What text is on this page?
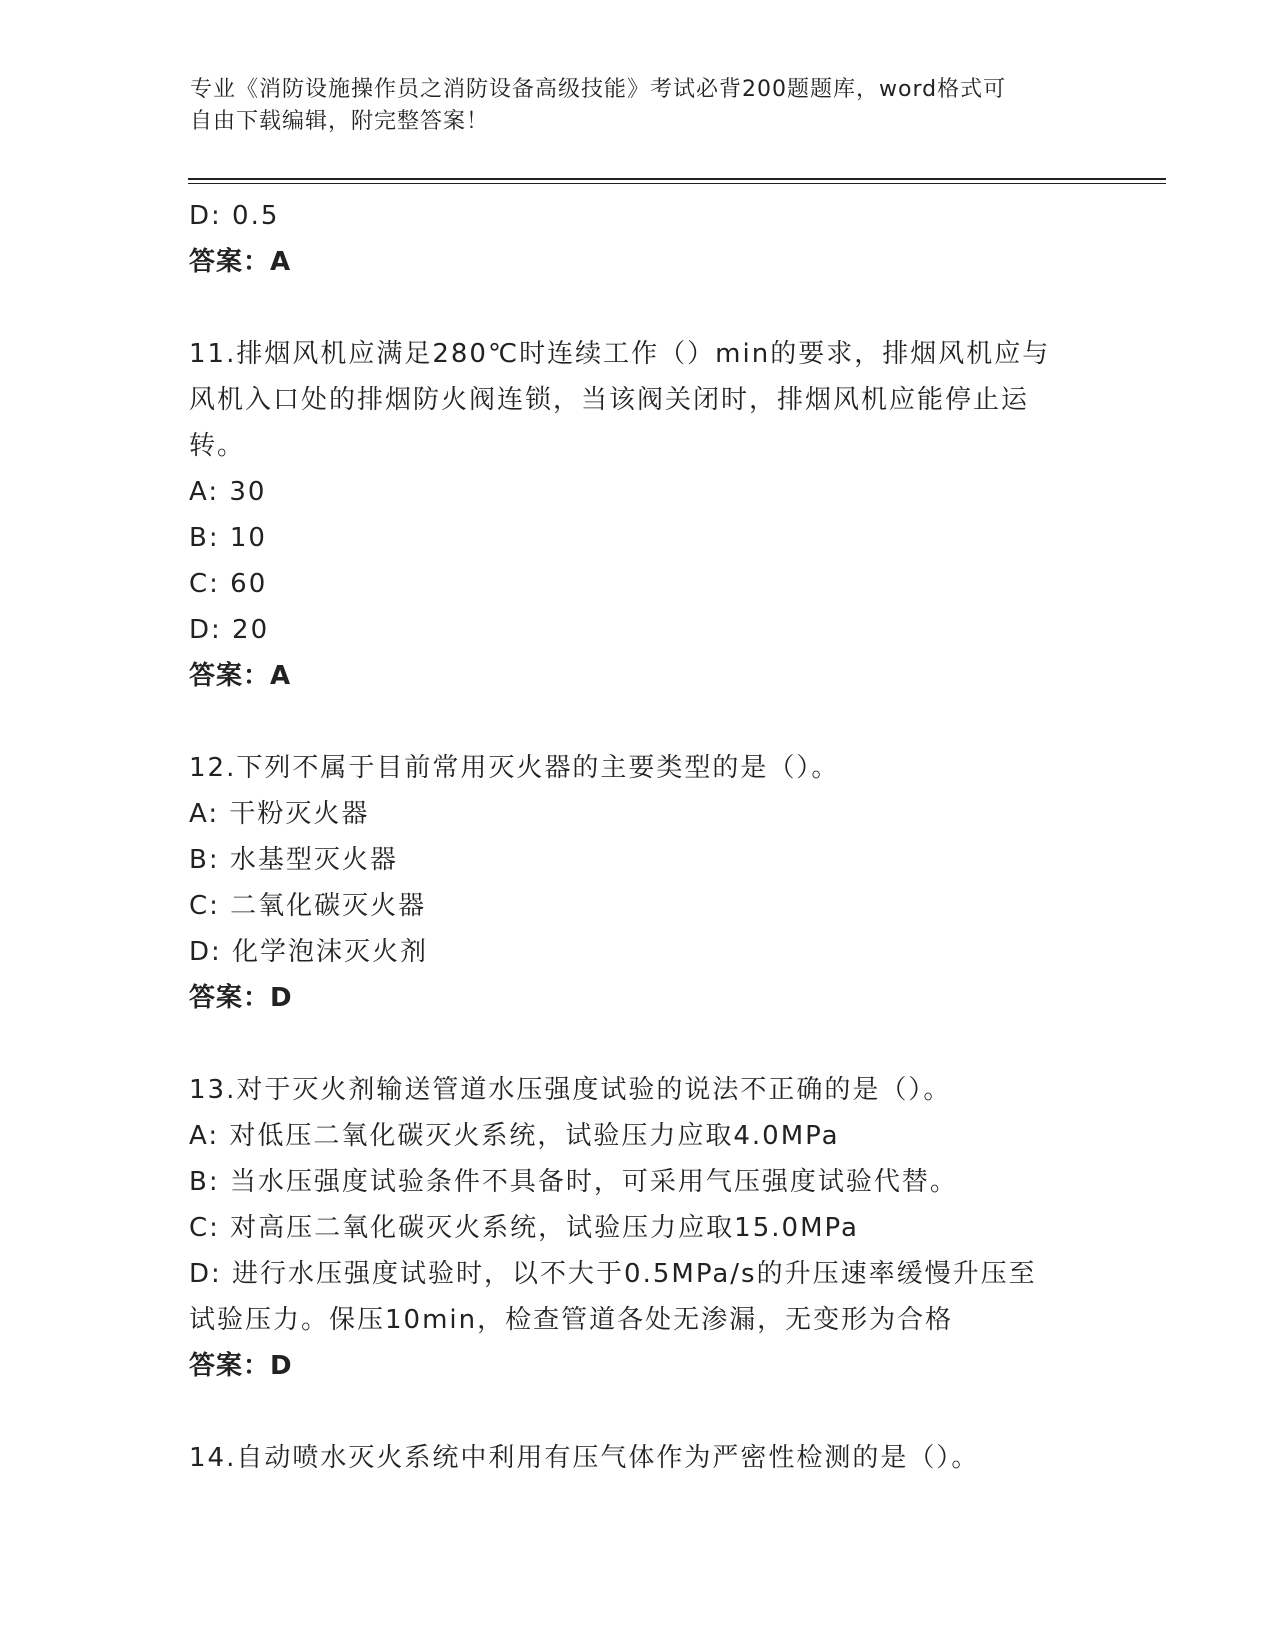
专业《消防设施操作员之消防设备高级技能》考试必背200题题库，word格式可
自由下载编辑，附完整答案！
D: 0.5
答案：A
11.排烟风机应满足280℃时连续工作（）min的要求，排烟风机应与
风机入口处的排烟防火阀连锁，当该阀关闭时，排烟风机应能停止运
转。
A: 30
B: 10
C: 60
D: 20
答案：A
12.下列不属于目前常用灭火器的主要类型的是（）。
A: 干粉灭火器
B: 水基型灭火器
C: 二氧化碳灭火器
D: 化学泡沫灭火剂
答案：D
13.对于灭火剂输送管道水压强度试验的说法不正确的是（）。
A: 对低压二氧化碳灭火系统，试验压力应取4.0MPa
B: 当水压强度试验条件不具备时，可采用气压强度试验代替。
C: 对高压二氧化碳灭火系统，试验压力应取15.0MPa
D: 进行水压强度试验时，以不大于0.5MPa/s的升压速率缓慢升压至
试验压力。保压10min，检查管道各处无渗漏，无变形为合格
答案：D
14.自动喷水灭火系统中利用有压气体作为严密性检测的是（）。
